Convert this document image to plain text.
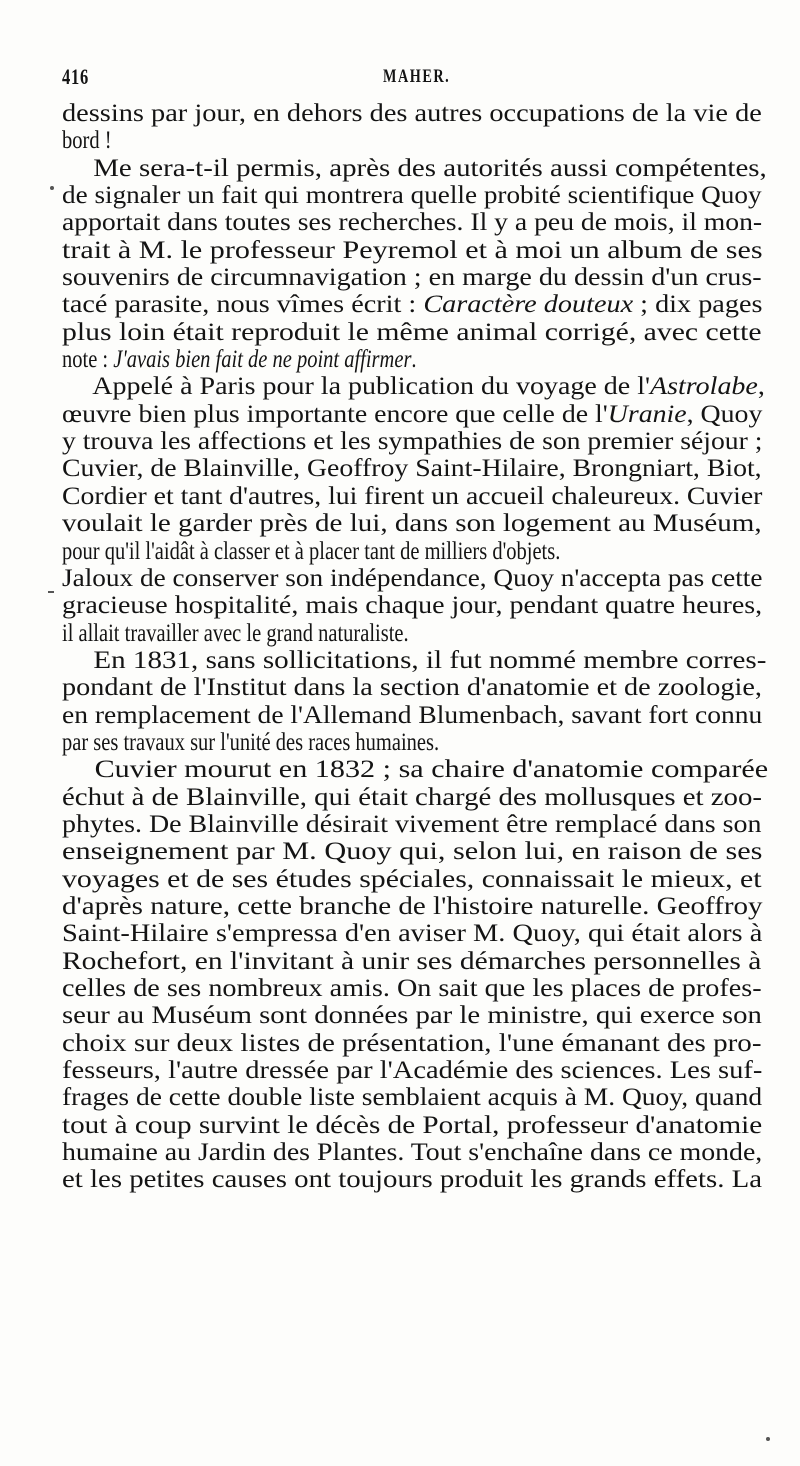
416	MAHER.
dessins par jour, en dehors des autres occupations de la vie de
bord !
Me sera-t-il permis, après des autorités aussi compétentes,
de signaler un fait qui montrera quelle probité scientifique Quoy
apportait dans toutes ses recherches. Il y a peu de mois, il mon-
trait à M. le professeur Peyremol et à moi un album de ses
souvenirs de circumnavigation ; en marge du dessin d'un crus-
tacé parasite, nous vîmes écrit : Caractère douteux ; dix pages
plus loin était reproduit le même animal corrigé, avec cette
note : J'avais bien fait de ne point affirmer.
Appelé à Paris pour la publication du voyage de l'Astrolabe,
œuvre bien plus importante encore que celle de l'Uranie, Quoy
y trouva les affections et les sympathies de son premier séjour ;
Cuvier, de Blainville, Geoffroy Saint-Hilaire, Brongniart, Biot,
Cordier et tant d'autres, lui firent un accueil chaleureux. Cuvier
voulait le garder près de lui, dans son logement au Muséum,
pour qu'il l'aidât à classer et à placer tant de milliers d'objets.
Jaloux de conserver son indépendance, Quoy n'accepta pas cette
gracieuse hospitalité, mais chaque jour, pendant quatre heures,
il allait travailler avec le grand naturaliste.
En 1831, sans sollicitations, il fut nommé membre corres-
pondant de l'Institut dans la section d'anatomie et de zoologie,
en remplacement de l'Allemand Blumenbach, savant fort connu
par ses travaux sur l'unité des races humaines.
Cuvier mourut en 1832 ; sa chaire d'anatomie comparée
échut à de Blainville, qui était chargé des mollusques et zoo-
phytes. De Blainville désirait vivement être remplacé dans son
enseignement par M. Quoy qui, selon lui, en raison de ses
voyages et de ses études spéciales, connaissait le mieux, et
d'après nature, cette branche de l'histoire naturelle. Geoffroy
Saint-Hilaire s'empressa d'en aviser M. Quoy, qui était alors à
Rochefort, en l'invitant à unir ses démarches personnelles à
celles de ses nombreux amis. On sait que les places de profes-
seur au Muséum sont données par le ministre, qui exerce son
choix sur deux listes de présentation, l'une émanant des pro-
fesseurs, l'autre dressée par l'Académie des sciences. Les suf-
frages de cette double liste semblaient acquis à M. Quoy, quand
tout à coup survint le décès de Portal, professeur d'anatomie
humaine au Jardin des Plantes. Tout s'enchaîne dans ce monde,
et les petites causes ont toujours produit les grands effets. La
